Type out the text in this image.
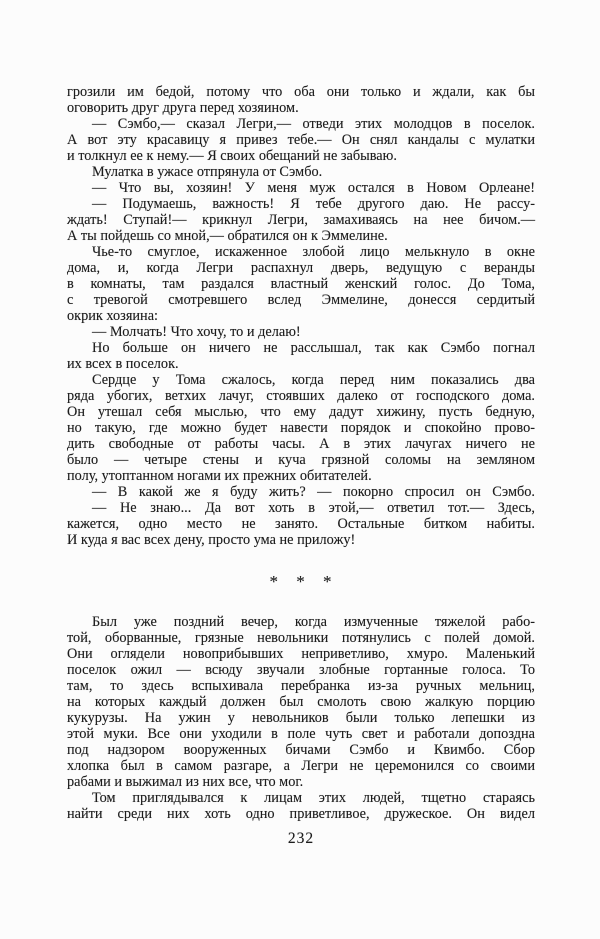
грозили им бедой, потому что оба они только и ждали, как бы
оговорить друг друга перед хозяином.
— Сэмбо,— сказал Легри,— отведи этих молодцов в поселок.
А вот эту красавицу я привез тебе.— Он снял кандалы с мулатки
и толкнул ее к нему.— Я своих обещаний не забываю.
Мулатка в ужасе отпрянула от Сэмбо.
— Что вы, хозяин! У меня муж остался в Новом Орлеане!
— Подумаешь, важность! Я тебе другого даю. Не рассу-
ждать! Ступай!— крикнул Легри, замахиваясь на нее бичом.—
А ты пойдешь со мной,— обратился он к Эммелине.
Чье-то смуглое, искаженное злобой лицо мелькнуло в окне
дома, и, когда Легри распахнул дверь, ведущую с веранды
в комнаты, там раздался властный женский голос. До Тома,
с тревогой смотревшего вслед Эммелине, донесся сердитый
окрик хозяина:
— Молчать! Что хочу, то и делаю!
Но больше он ничего не расслышал, так как Сэмбо погнал
их всех в поселок.
Сердце у Тома сжалось, когда перед ним показались два
ряда убогих, ветхих лачуг, стоявших далеко от господского дома.
Он утешал себя мыслью, что ему дадут хижину, пусть бедную,
но такую, где можно будет навести порядок и спокойно прово-
дить свободные от работы часы. А в этих лачугах ничего не
было — четыре стены и куча грязной соломы на земляном
полу, утоптанном ногами их прежних обитателей.
— В какой же я буду жить? — покорно спросил он Сэмбо.
— Не знаю... Да вот хоть в этой,— ответил тот.— Здесь,
кажется, одно место не занято. Остальные битком набиты.
И куда я вас всех дену, просто ума не приложу!
* * *
Был уже поздний вечер, когда измученные тяжелой рабо-
той, оборванные, грязные невольники потянулись с полей домой.
Они оглядели новоприбывших неприветливо, хмуро. Маленький
поселок ожил — всюду звучали злобные гортанные голоса. То
там, то здесь вспыхивала перебранка из-за ручных мельниц,
на которых каждый должен был смолоть свою жалкую порцию
кукурузы. На ужин у невольников были только лепешки из
этой муки. Все они уходили в поле чуть свет и работали допоздна
под надзором вооруженных бичами Сэмбо и Квимбо. Сбор
хлопка был в самом разгаре, а Легри не церемонился со своими
рабами и выжимал из них все, что мог.
Том приглядывался к лицам этих людей, тщетно стараясь
найти среди них хоть одно приветливое, дружеское. Он видел
232
